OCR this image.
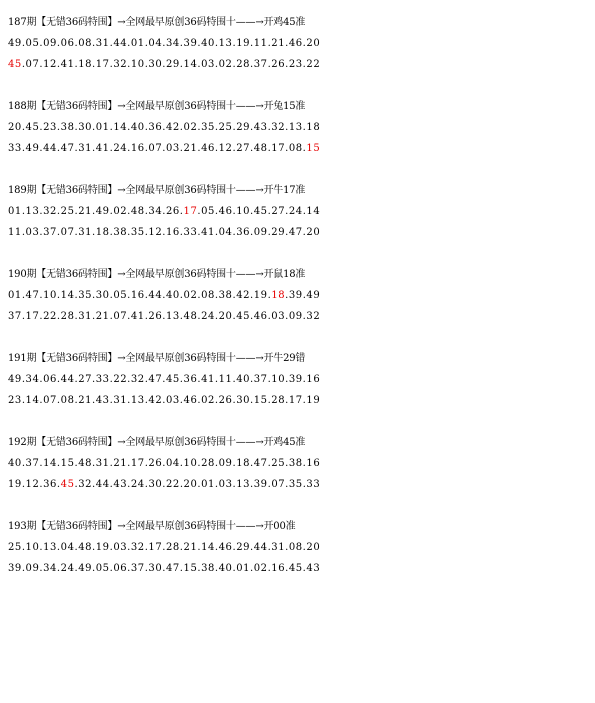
187期【无错36码特围】→全网最早原创36码特围十——→开鸡45准
49.05.09.06.08.31.44.01.04.34.39.40.13.19.11.21.46.20
45.07.12.41.18.17.32.10.30.29.14.03.02.28.37.26.23.22
188期【无错36码特围】→全网最早原创36码特围十——→开兔15准
20.45.23.38.30.01.14.40.36.42.02.35.25.29.43.32.13.18
33.49.44.47.31.41.24.16.07.03.21.46.12.27.48.17.08.15
189期【无错36码特围】→全网最早原创36码特围十——→开牛17准
01.13.32.25.21.49.02.48.34.26.17.05.46.10.45.27.24.14
11.03.37.07.31.18.38.35.12.16.33.41.04.36.09.29.47.20
190期【无错36码特围】→全网最早原创36码特围十——→开鼠18准
01.47.10.14.35.30.05.16.44.40.02.08.38.42.19.18.39.49
37.17.22.28.31.21.07.41.26.13.48.24.20.45.46.03.09.32
191期【无错36码特围】→全网最早原创36码特围十——→开牛29错
49.34.06.44.27.33.22.32.47.45.36.41.11.40.37.10.39.16
23.14.07.08.21.43.31.13.42.03.46.02.26.30.15.28.17.19
192期【无错36码特围】→全网最早原创36码特围十——→开鸡45准
40.37.14.15.48.31.21.17.26.04.10.28.09.18.47.25.38.16
19.12.36.45.32.44.43.24.30.22.20.01.03.13.39.07.35.33
193期【无错36码特围】→全网最早原创36码特围十——→开00准
25.10.13.04.48.19.03.32.17.28.21.14.46.29.44.31.08.20
39.09.34.24.49.05.06.37.30.47.15.38.40.01.02.16.45.43
